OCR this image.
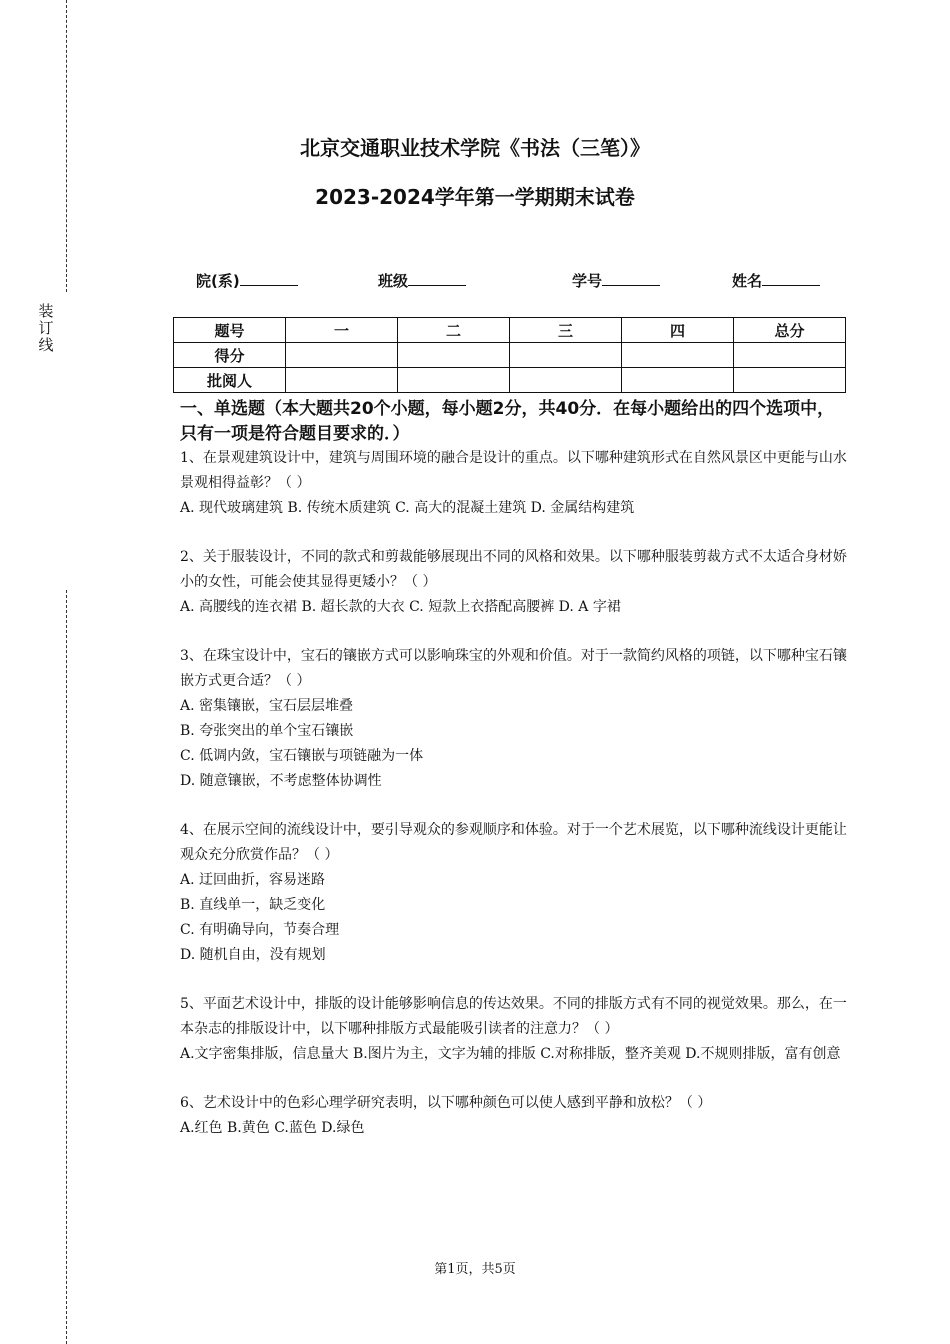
装
订
线
北京交通职业技术学院《书法（三笔）》
2023-2024学年第一学期期末试卷
院(系)	班级	学号	姓名
题号	一	二	三	四	总分
得分					
批阅人					
一、单选题（本大题共20个小题，每小题2分，共40分．在每小题给出的四个选项中，只有一项是符合题目要求的．）

1、在景观建筑设计中，建筑与周围环境的融合是设计的重点。以下哪种建筑形式在自然风景区中更能与山水景观相得益彰？（ ）

A. 现代玻璃建筑 B. 传统木质建筑 C. 高大的混凝土建筑 D. 金属结构建筑

2、关于服装设计，不同的款式和剪裁能够展现出不同的风格和效果。以下哪种服装剪裁方式不太适合身材娇小的女性，可能会使其显得更矮小？（ ）

A. 高腰线的连衣裙 B. 超长款的大衣 C. 短款上衣搭配高腰裤 D. A 字裙

3、在珠宝设计中，宝石的镶嵌方式可以影响珠宝的外观和价值。对于一款简约风格的项链，以下哪种宝石镶嵌方式更合适？（ ）

A. 密集镶嵌，宝石层层堆叠

B. 夸张突出的单个宝石镶嵌

C. 低调内敛，宝石镶嵌与项链融为一体

D. 随意镶嵌，不考虑整体协调性

4、在展示空间的流线设计中，要引导观众的参观顺序和体验。对于一个艺术展览，以下哪种流线设计更能让观众充分欣赏作品？（ ）

A. 迂回曲折，容易迷路

B. 直线单一，缺乏变化

C. 有明确导向，节奏合理

D. 随机自由，没有规划

5、平面艺术设计中，排版的设计能够影响信息的传达效果。不同的排版方式有不同的视觉效果。那么，在一本杂志的排版设计中，以下哪种排版方式最能吸引读者的注意力？（ ）

A.文字密集排版，信息量大 B.图片为主，文字为辅的排版 C.对称排版，整齐美观 D.不规则排版，富有创意

6、艺术设计中的色彩心理学研究表明，以下哪种颜色可以使人感到平静和放松？（ ）

A.红色 B.黄色 C.蓝色 D.绿色

第1页，共5页
